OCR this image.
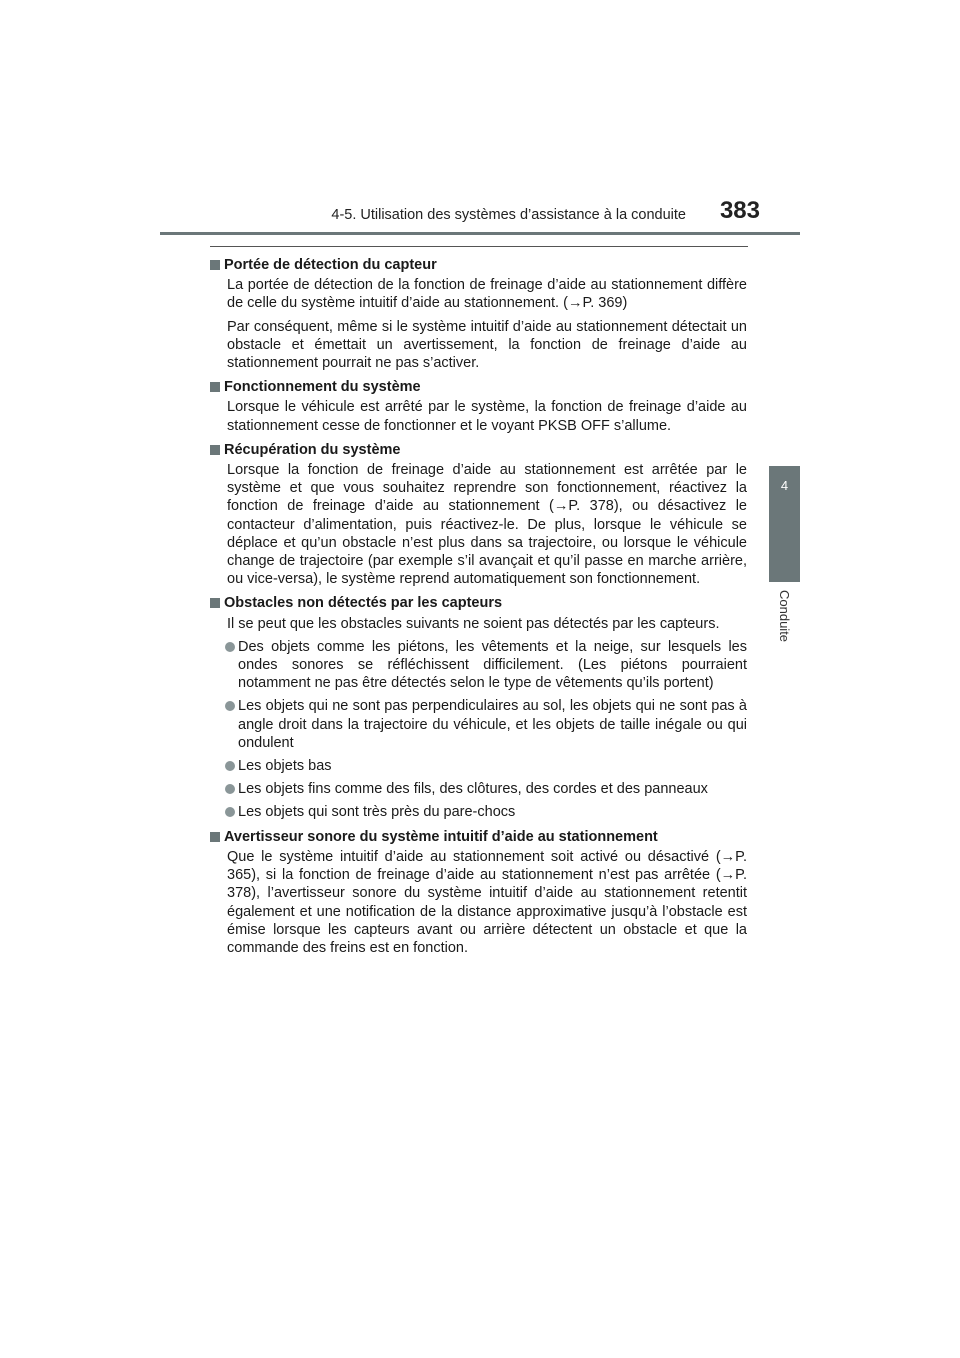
4-5. Utilisation des systèmes d’assistance à la conduite	383
4
Conduite
Portée de détection du capteur

La portée de détection de la fonction de freinage d’aide au stationnement diffère de celle du système intuitif d’aide au stationnement. (→P. 369)

Par conséquent, même si le système intuitif d’aide au stationnement détectait un obstacle et émettait un avertissement, la fonction de freinage d’aide au stationnement pourrait ne pas s’activer.

Fonctionnement du système

Lorsque le véhicule est arrêté par le système, la fonction de freinage d’aide au stationnement cesse de fonctionner et le voyant PKSB OFF s’allume.

Récupération du système

Lorsque la fonction de freinage d’aide au stationnement est arrêtée par le système et que vous souhaitez reprendre son fonctionnement, réactivez la fonction de freinage d’aide au stationnement (→P. 378), ou désactivez le contacteur d’alimentation, puis réactivez-le. De plus, lorsque le véhicule se déplace et qu’un obstacle n’est plus dans sa trajectoire, ou lorsque le véhicule change de trajectoire (par exemple s’il avançait et qu’il passe en marche arrière, ou vice-versa), le système reprend automatiquement son fonctionnement.

Obstacles non détectés par les capteurs

Il se peut que les obstacles suivants ne soient pas détectés par les capteurs.

Des objets comme les piétons, les vêtements et la neige, sur lesquels les ondes sonores se réfléchissent difficilement. (Les piétons pourraient notamment ne pas être détectés selon le type de vêtements qu’ils portent)
Les objets qui ne sont pas perpendiculaires au sol, les objets qui ne sont pas à angle droit dans la trajectoire du véhicule, et les objets de taille inégale ou qui ondulent
Les objets bas
Les objets fins comme des fils, des clôtures, des cordes et des panneaux
Les objets qui sont très près du pare-chocs
Avertisseur sonore du système intuitif d’aide au stationnement

Que le système intuitif d’aide au stationnement soit activé ou désactivé (→P. 365), si la fonction de freinage d’aide au stationnement n’est pas arrêtée (→P. 378), l’avertisseur sonore du système intuitif d’aide au stationnement retentit également et une notification de la distance approximative jusqu’à l’obstacle est émise lorsque les capteurs avant ou arrière détectent un obstacle et que la commande des freins est en fonction.
